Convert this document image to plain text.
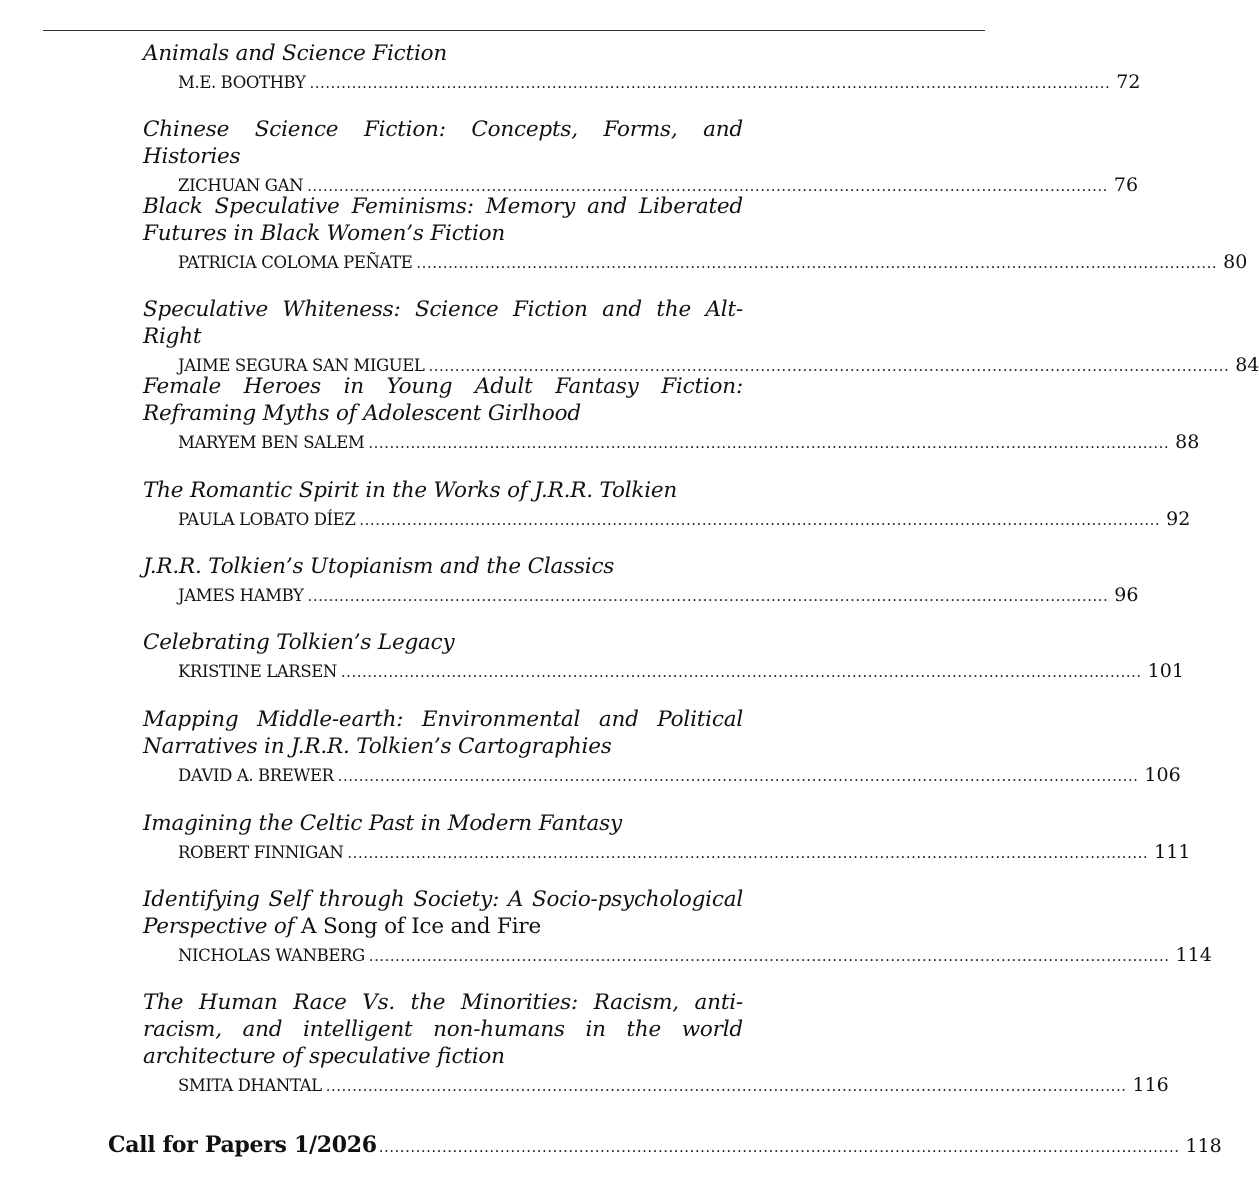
Animals and Science Fiction
M.E. BOOTHBY ........................................................................................................................................................ 72
Chinese Science Fiction: Concepts, Forms, and Histories
ZICHUAN GAN ........................................................................................................................................................ 76
Black Speculative Feminisms: Memory and Liberated Futures in Black Women’s Fiction
PATRICIA COLOMA PEÑATE ........................................................................................................................................................ 80
Speculative Whiteness: Science Fiction and the Alt-Right
JAIME SEGURA SAN MIGUEL ........................................................................................................................................................ 84
Female Heroes in Young Adult Fantasy Fiction: Reframing Myths of Adolescent Girlhood
MARYEM BEN SALEM ........................................................................................................................................................ 88
The Romantic Spirit in the Works of J.R.R. Tolkien
PAULA LOBATO DÍEZ ........................................................................................................................................................ 92
J.R.R. Tolkien’s Utopianism and the Classics
JAMES HAMBY ........................................................................................................................................................ 96
Celebrating Tolkien’s Legacy
KRISTINE LARSEN ........................................................................................................................................................ 101
Mapping Middle-earth: Environmental and Political Narratives in J.R.R. Tolkien’s Cartographies
DAVID A. BREWER ........................................................................................................................................................ 106
Imagining the Celtic Past in Modern Fantasy
ROBERT FINNIGAN ........................................................................................................................................................ 111
Identifying Self through Society: A Socio-psychological Perspective of A Song of Ice and Fire
NICHOLAS WANBERG ........................................................................................................................................................ 114
The Human Race Vs. the Minorities: Racism, anti-racism, and intelligent non-humans in the world architecture of speculative fiction
SMITA DHANTAL ........................................................................................................................................................ 116
Call for Papers 1/2026 ........................................................................................................................................................ 118
